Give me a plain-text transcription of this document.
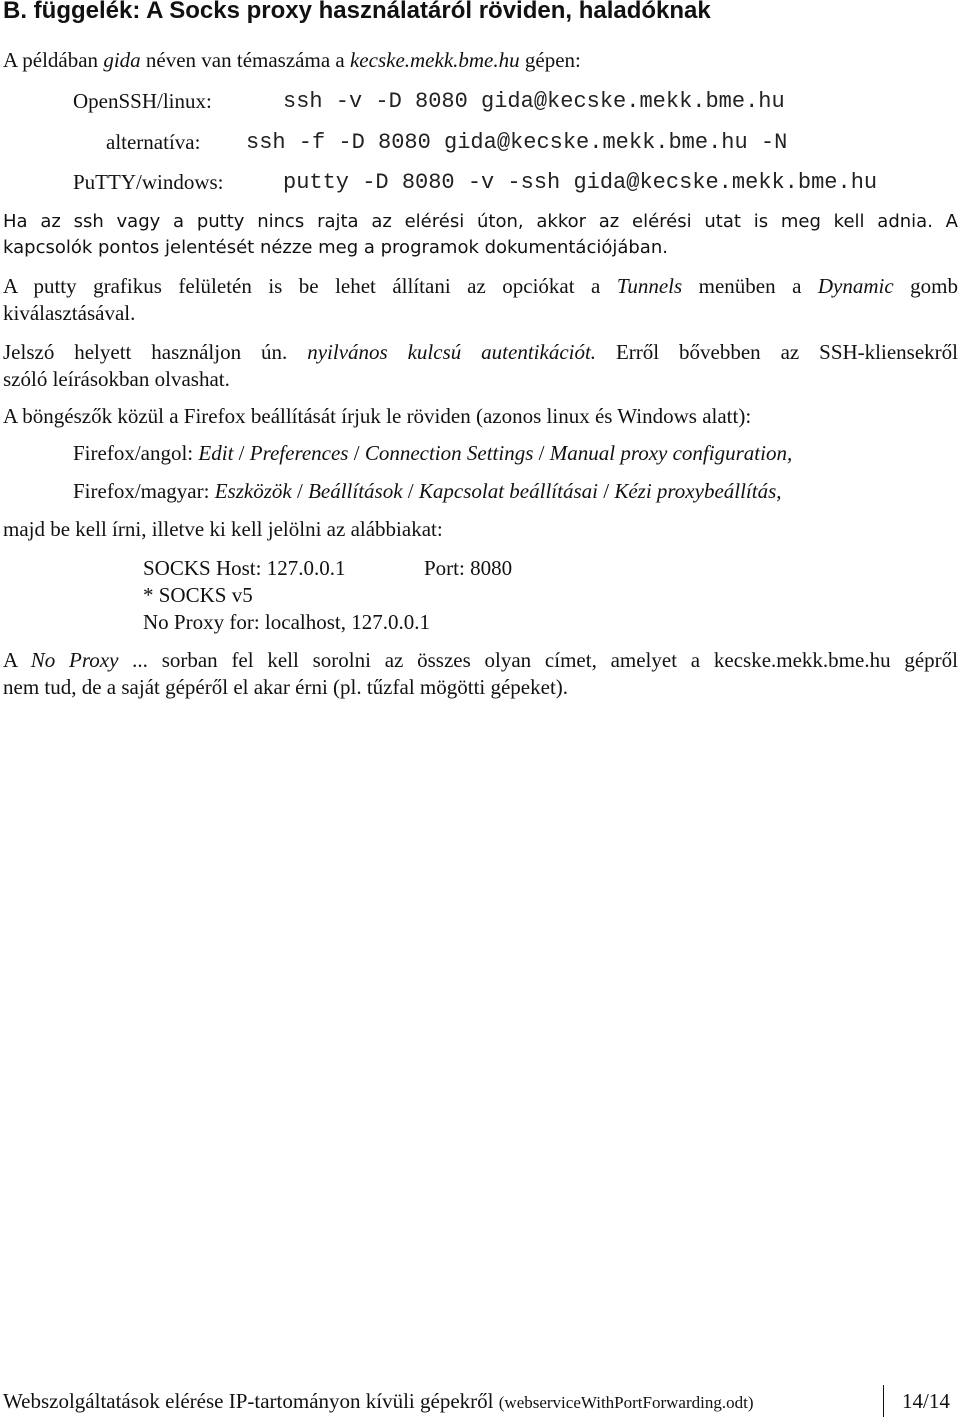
B. függelék: A Socks proxy használatáról röviden, haladóknak
A példában gida néven van témaszáma a kecske.mekk.bme.hu gépen:
OpenSSH/linux:	ssh -v -D 8080 gida@kecske.mekk.bme.hu
alternatíva: ssh -f -D 8080 gida@kecske.mekk.bme.hu -N
PuTTY/windows:	putty -D 8080 -v -ssh gida@kecske.mekk.bme.hu
Ha az ssh vagy a putty nincs rajta az elérési úton, akkor az elérési utat is meg kell adnia. A
kapcsolók pontos jelentését nézze meg a programok dokumentációjában.
A putty grafikus felületén is be lehet állítani az opciókat a Tunnels menüben a Dynamic gomb
kiválasztásával.
Jelszó helyett használjon ún. nyilvános kulcsú autentikációt. Erről bővebben az SSH-kliensekről
szóló leírásokban olvashat.
A böngészők közül a Firefox beállítását írjuk le röviden (azonos linux és Windows alatt):
Firefox/angol: Edit / Preferences / Connection Settings / Manual proxy configuration,
Firefox/magyar: Eszközök / Beállítások / Kapcsolat beállításai / Kézi proxybeállítás,
majd be kell írni, illetve ki kell jelölni az alábbiakat:
SOCKS Host: 127.0.0.1	Port: 8080
* SOCKS v5
No Proxy for: localhost, 127.0.0.1
A No Proxy ... sorban fel kell sorolni az összes olyan címet, amelyet a kecske.mekk.bme.hu gépről
nem tud, de a saját gépéről el akar érni (pl. tűzfal mögötti gépeket).
Webszolgáltatások elérése IP-tartományon kívüli gépekről (webserviceWithPortForwarding.odt)	14/14
